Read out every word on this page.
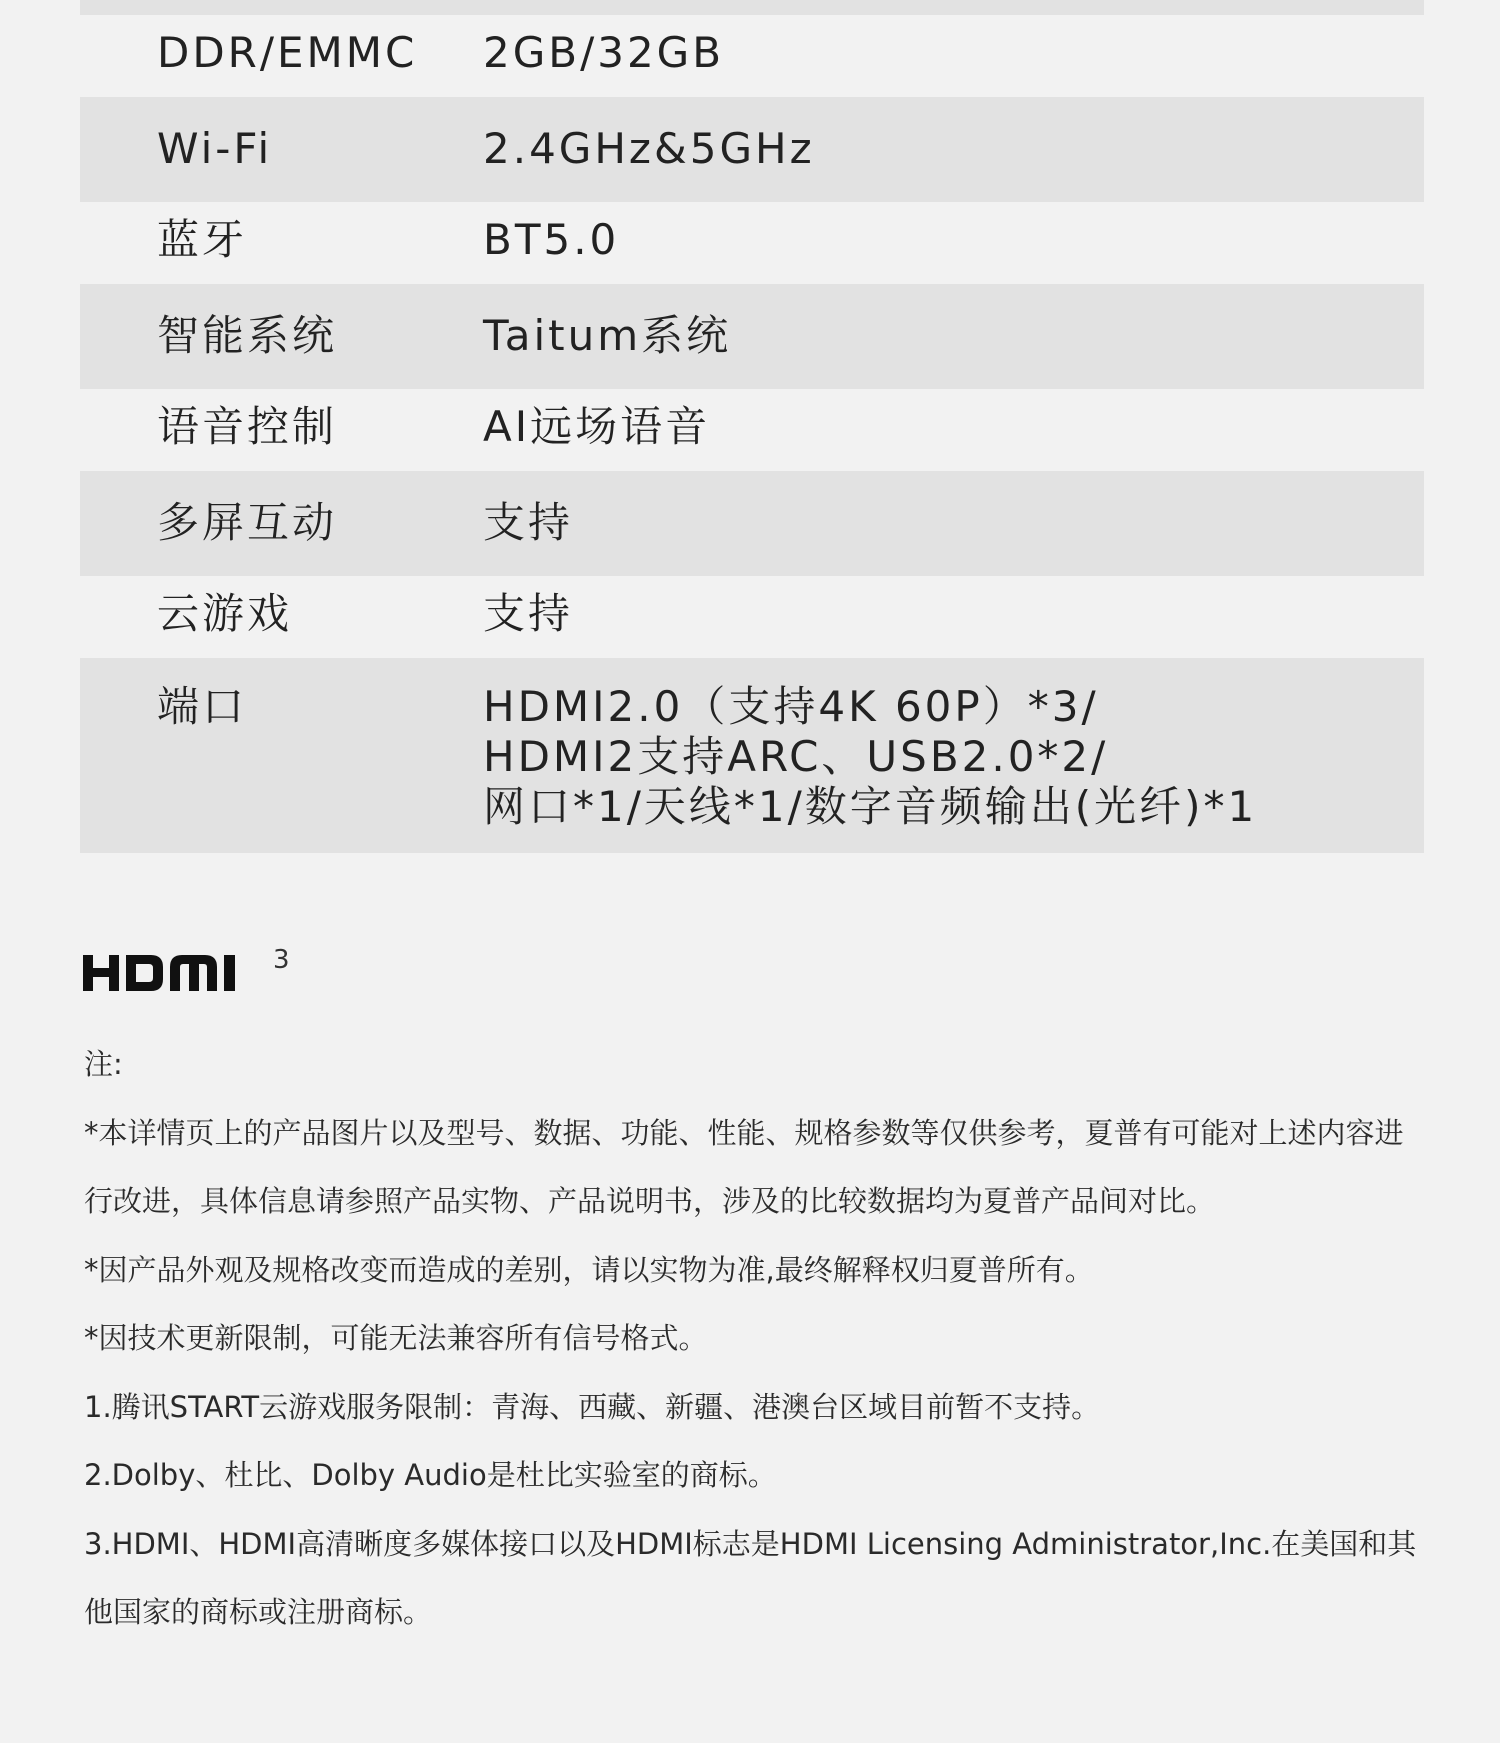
DDR/EMMC	2GB/32GB
Wi-Fi	2.4GHz&5GHz
蓝牙	BT5.0
智能系统	Taitum系统
语音控制	AI远场语音
多屏互动	支持
云游戏	支持
端口	HDMI2.0（支持4K 60P）*3/
HDMI2支持ARC、USB2.0*2/
网口*1/天线*1/数字音频输出(光纤)*1
3

注:

*本详情页上的产品图片以及型号、数据、功能、性能、规格参数等仅供参考，夏普有可能对上述内容进行改进，具体信息请参照产品实物、产品说明书，涉及的比较数据均为夏普产品间对比。

*因产品外观及规格改变而造成的差别，请以实物为准,最终解释权归夏普所有。

*因技术更新限制，可能无法兼容所有信号格式。

1.腾讯START云游戏服务限制：青海、西藏、新疆、港澳台区域目前暂不支持。

2.Dolby、杜比、Dolby Audio是杜比实验室的商标。

3.HDMI、HDMI高清晰度多媒体接口以及HDMI标志是HDMI Licensing Administrator,Inc.在美国和其他国家的商标或注册商标。
